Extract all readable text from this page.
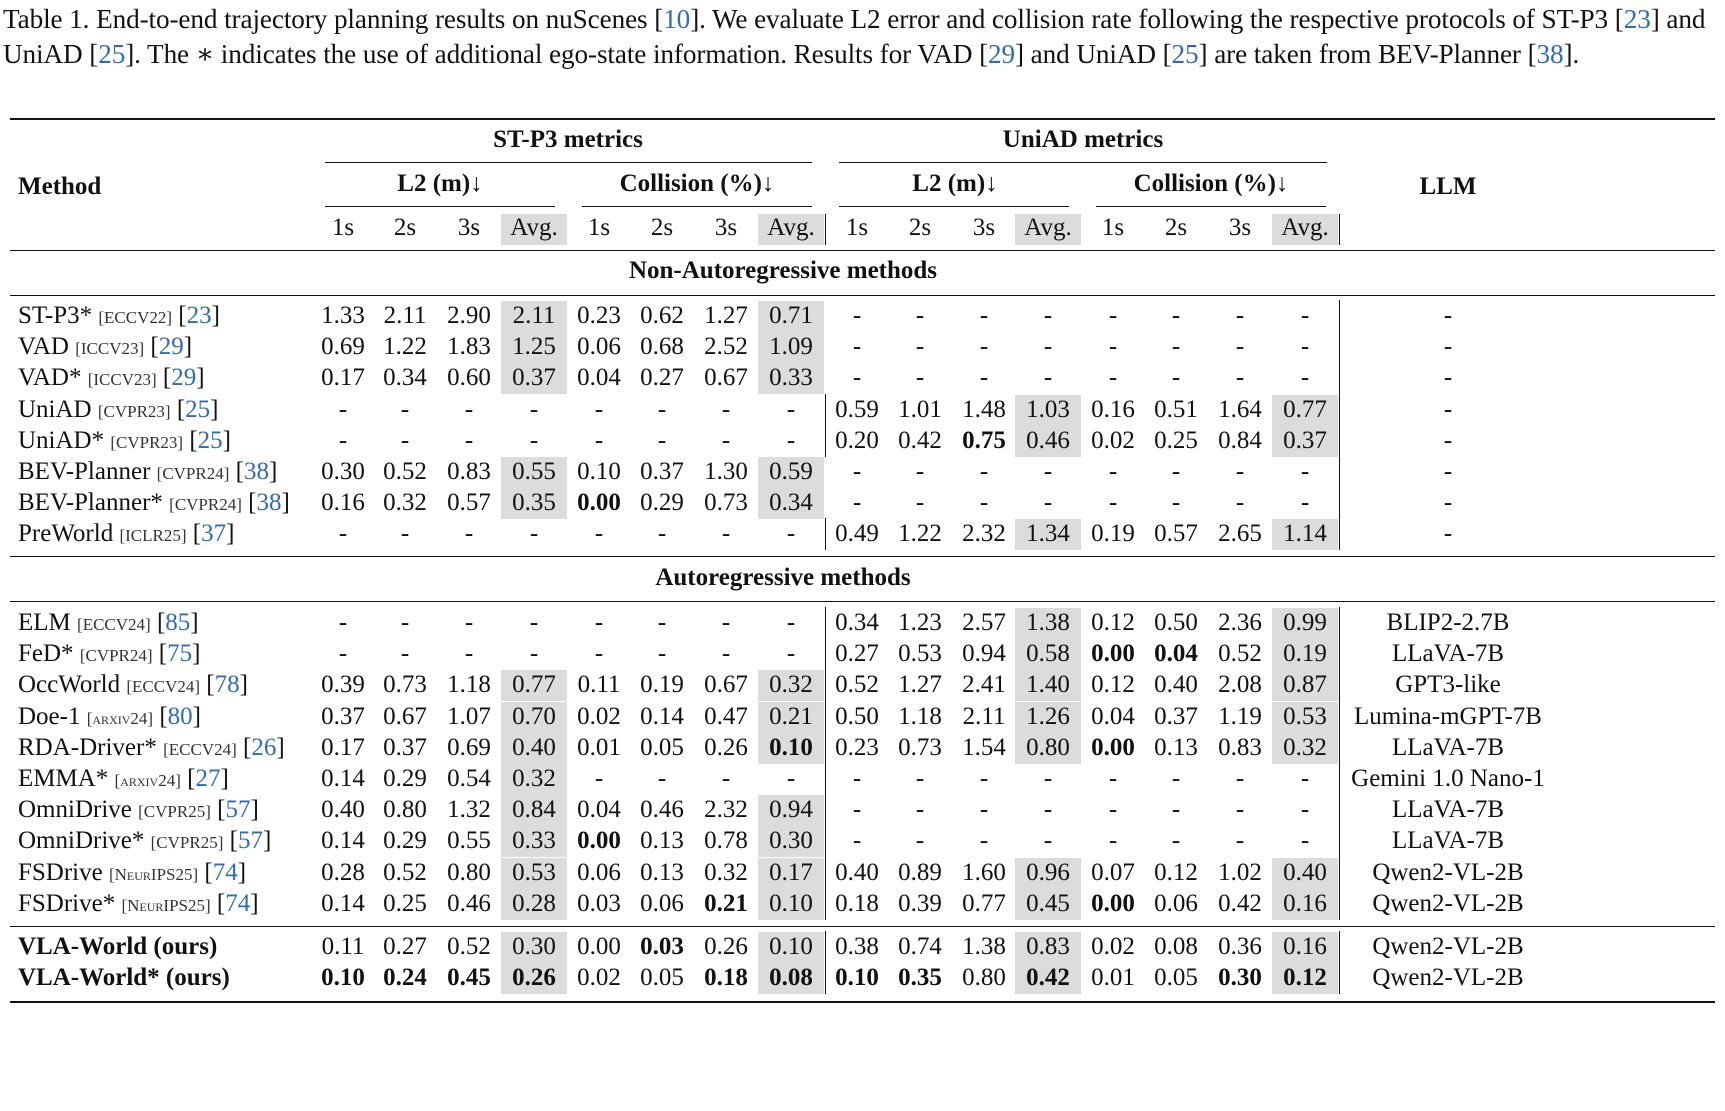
Table 1. End-to-end trajectory planning results on nuScenes [10]. We evaluate L2 error and collision rate following the respective protocols of ST-P3 [23] and UniAD [25]. The ∗ indicates the use of additional ego-state information. Results for VAD [29] and UniAD [25] are taken from BEV-Planner [38].
Method
ST-P3 metrics	UniAD metrics
L2 (m)↓	Collision (%)↓	L2 (m)↓	Collision (%)↓	LLM
1s 2s 3s Avg. 1s 2s 3s Avg. 1s 2s 3s Avg. 1s 2s 3s Avg.
Non-Autoregressive methods
ST-P3* [ECCV22] [23]	1.33 2.11 2.90 2.11 0.23 0.62 1.27 0.71 - - - - - - - -	-
VAD [ICCV23] [29]	0.69 1.22 1.83 1.25 0.06 0.68 2.52 1.09 - - - - - - - -	-
VAD* [ICCV23] [29]	0.17 0.34 0.60 0.37 0.04 0.27 0.67 0.33 - - - - - - - -	-
UniAD [CVPR23] [25]	- - - - - - - - 0.59 1.01 1.48 1.03 0.16 0.51 1.64 0.77	-
UniAD* [CVPR23] [25]	- - - - - - - - 0.20 0.42 0.75 0.46 0.02 0.25 0.84 0.37	-
BEV-Planner [CVPR24] [38] 0.30 0.52 0.83 0.55 0.10 0.37 1.30 0.59 - - - - - - - -	-
BEV-Planner* [CVPR24] [38] 0.16 0.32 0.57 0.35 0.00 0.29 0.73 0.34 - - - - - - - -	-
PreWorld [ICLR25] [37]	- - - - - - - - 0.49 1.22 2.32 1.34 0.19 0.57 2.65 1.14	-
Autoregressive methods
ELM [ECCV24] [85]	- - - - - - - - 0.34 1.23 2.57 1.38 0.12 0.50 2.36 0.99 BLIP2-2.7B
FeD* [CVPR24] [75]	- - - - - - - - 0.27 0.53 0.94 0.58 0.00 0.04 0.52 0.19	LLaVA-7B
OccWorld [ECCV24] [78]	0.39 0.73 1.18 0.77 0.11 0.19 0.67 0.32 0.52 1.27 2.41 1.40 0.12 0.40 2.08 0.87	GPT3-like
Doe-1 [arxiv24] [80]	0.37 0.67 1.07 0.70 0.02 0.14 0.47 0.21 0.50 1.18 2.11 1.26 0.04 0.37 1.19 0.53 Lumina-mGPT-7B
RDA-Driver* [ECCV24] [26] 0.17 0.37 0.69 0.40 0.01 0.05 0.26 0.10 0.23 0.73 1.54 0.80 0.00 0.13 0.83 0.32	LLaVA-7B
EMMA* [arxiv24] [27]	0.14 0.29 0.54 0.32 - - - - - - - - - - - - Gemini 1.0 Nano-1
OmniDrive [CVPR25] [57] 0.40 0.80 1.32 0.84 0.04 0.46 2.32 0.94 - - - - - - - -	LLaVA-7B
OmniDrive* [CVPR25] [57] 0.14 0.29 0.55 0.33 0.00 0.13 0.78 0.30 - - - - - - - -	LLaVA-7B
FSDrive [NeurIPS25] [74]	0.28 0.52 0.80 0.53 0.06 0.13 0.32 0.17 0.40 0.89 1.60 0.96 0.07 0.12 1.02 0.40 Qwen2-VL-2B
FSDrive* [NeurIPS25] [74]	0.14 0.25 0.46 0.28 0.03 0.06 0.21 0.10 0.18 0.39 0.77 0.45 0.00 0.06 0.42 0.16 Qwen2-VL-2B
VLA-World (ours)	0.11 0.27 0.52 0.30 0.00 0.03 0.26 0.10 0.38 0.74 1.38 0.83 0.02 0.08 0.36 0.16 Qwen2-VL-2B
VLA-World* (ours)	0.10 0.24 0.45 0.26 0.02 0.05 0.18 0.08 0.10 0.35 0.80 0.42 0.01 0.05 0.30 0.12 Qwen2-VL-2B
